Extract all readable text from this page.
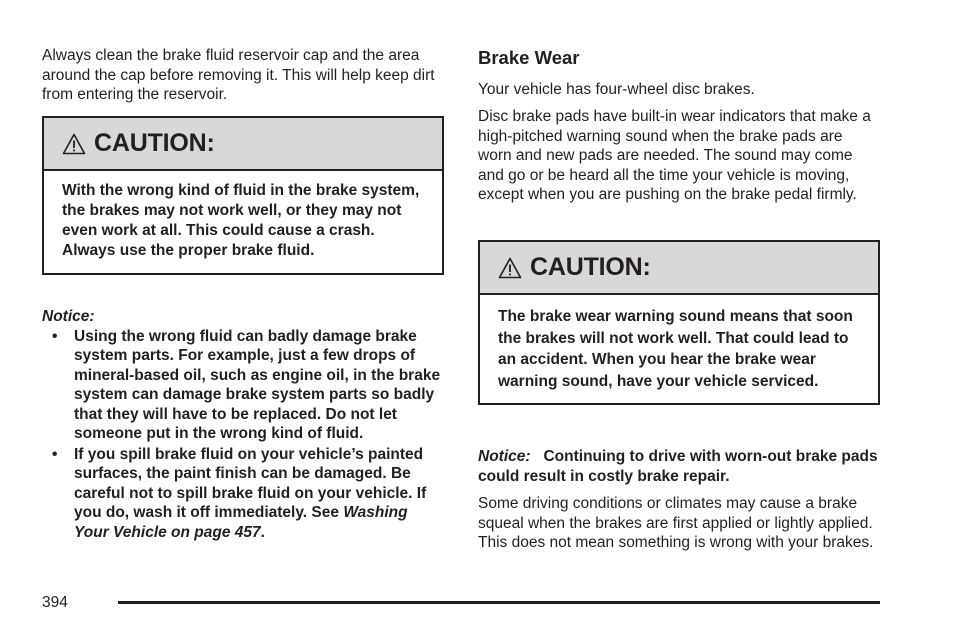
Always clean the brake fluid reservoir cap and the area around the cap before removing it. This will help keep dirt from entering the reservoir.

CAUTION:
With the wrong kind of fluid in the brake system, the brakes may not work well, or they may not even work at all. This could cause a crash. Always use the proper brake fluid.

Notice:

• Using the wrong fluid can badly damage brake system parts. For example, just a few drops of mineral-based oil, such as engine oil, in the brake system can damage brake system parts so badly that they will have to be replaced. Do not let someone put in the wrong kind of fluid.
• If you spill brake fluid on your vehicle’s painted surfaces, the paint finish can be damaged. Be careful not to spill brake fluid on your vehicle. If you do, wash it off immediately. See Washing Your Vehicle on page 457.
Brake Wear

Your vehicle has four-wheel disc brakes.

Disc brake pads have built-in wear indicators that make a high-pitched warning sound when the brake pads are worn and new pads are needed. The sound may come and go or be heard all the time your vehicle is moving, except when you are pushing on the brake pedal firmly.

CAUTION:
The brake wear warning sound means that soon the brakes will not work well. That could lead to an accident. When you hear the brake wear warning sound, have your vehicle serviced.

Notice: Continuing to drive with worn-out brake pads could result in costly brake repair.

Some driving conditions or climates may cause a brake squeal when the brakes are first applied or lightly applied. This does not mean something is wrong with your brakes.

394
